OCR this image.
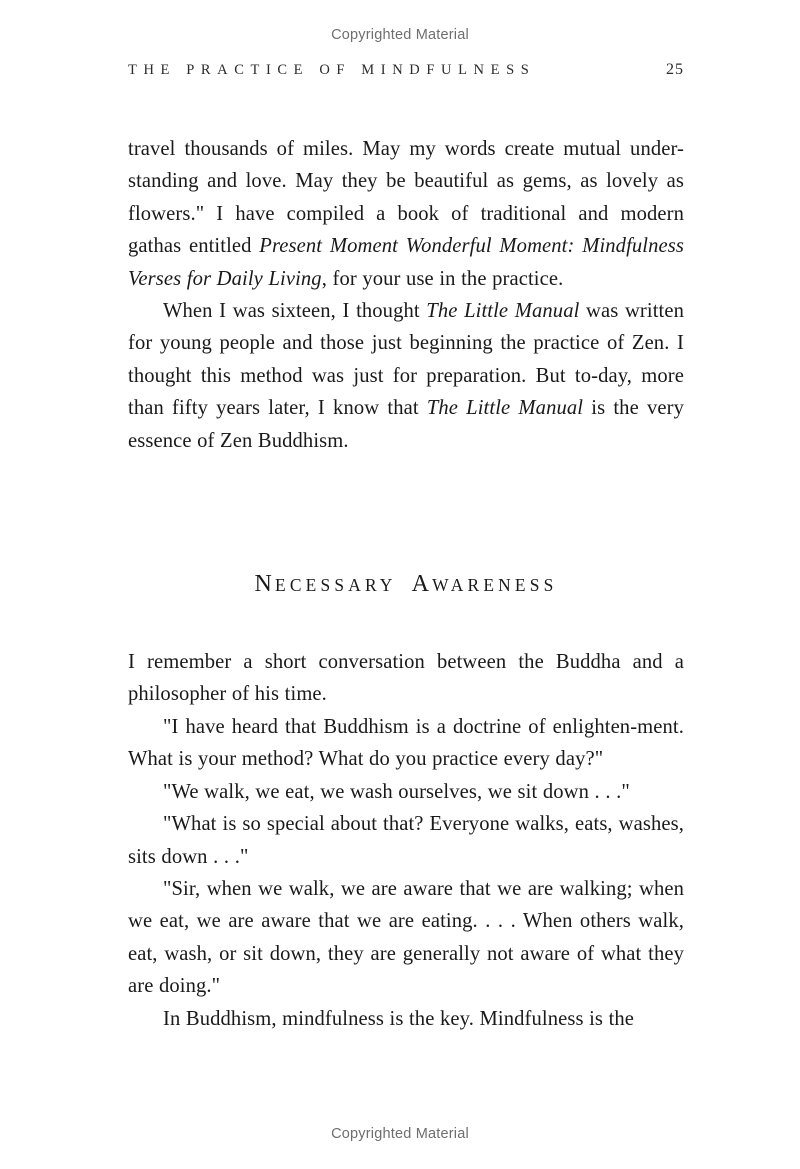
Copyrighted Material
THE PRACTICE OF MINDFULNESS	25

travel thousands of miles. May my words create mutual under-standing and love. May they be beautiful as gems, as lovely as flowers." I have compiled a book of traditional and modern gathas entitled Present Moment Wonderful Moment: Mindfulness Verses for Daily Living, for your use in the practice.

When I was sixteen, I thought The Little Manual was written for young people and those just beginning the practice of Zen. I thought this method was just for preparation. But to-day, more than fifty years later, I know that The Little Manual is the very essence of Zen Buddhism.

NECESSARY AWARENESS

I remember a short conversation between the Buddha and a philosopher of his time.

"I have heard that Buddhism is a doctrine of enlighten-ment. What is your method? What do you practice every day?"

"We walk, we eat, we wash ourselves, we sit down . . ."

"What is so special about that? Everyone walks, eats, washes, sits down . . ."

"Sir, when we walk, we are aware that we are walking; when we eat, we are aware that we are eating. . . . When others walk, eat, wash, or sit down, they are generally not aware of what they are doing."

In Buddhism, mindfulness is the key. Mindfulness is the

Copyrighted Material
